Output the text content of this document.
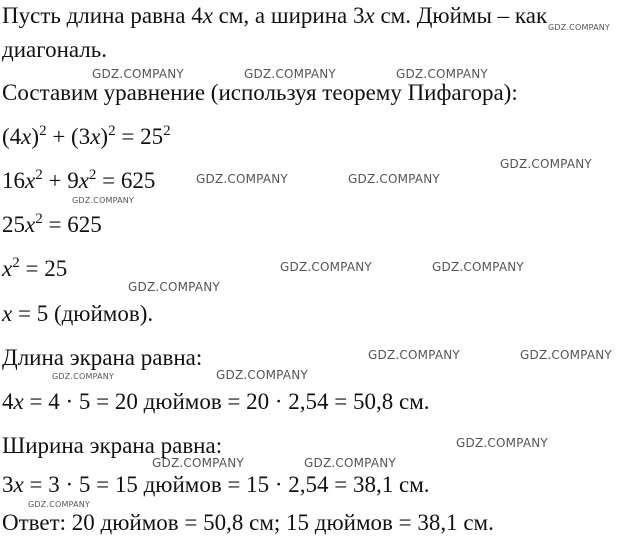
Пусть длина равна 4x см, а ширина 3x см. Дюймы – как
диагональ.
Составим уравнение (используя теорему Пифагора):
$(4x)^2 + (3x)^2 = 25^2$
$16x^2 + 9x^2 = 625$
$25x^2 = 625$
$x^2 = 25$
x = 5 (дюймов).
Длина экрана равна:
4x = 4 · 5 = 20 дюймов = 20 · 2,54 = 50,8 см.
Ширина экрана равна:
3x = 3 · 5 = 15 дюймов = 15 · 2,54 = 38,1 см.
Ответ: 20 дюймов = 50,8 см; 15 дюймов = 38,1 см.
GDZ.COMPANY
GDZ.COMPANY	GDZ.COMPANY	GDZ.COMPANY
GDZ.COMPANY
GDZ.COMPANY	GDZ.COMPANY
GDZ.COMPANY
GDZ.COMPANY	GDZ.COMPANY
GDZ.COMPANY
GDZ.COMPANY	GDZ.COMPANY
GDZ.COMPANY	GDZ.COMPANY
GDZ.COMPANY
GDZ.COMPANY	GDZ.COMPANY
GDZ.COMPANY
